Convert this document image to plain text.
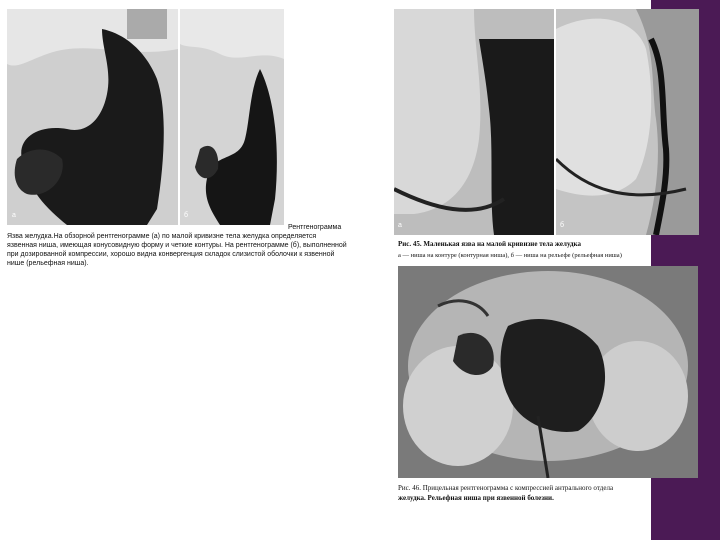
а	б
Рентгенограмма
Язва желудка.На обзорной рентгенограмме (а) по малой кривизне тела желудка определяется
язвенная ниша, имеющая конусовидную форму и четкие контуры. На рентгенограмме (б), выполненной
при дозированной компрессии, хорошо видна конвергенция складок слизистой оболочки к язвенной
нише (рельефная ниша).
а	б
Рис. 45. Маленькая язва на малой кривизне тела желудка
а — ниша на контуре (контурная ниша), б — ниша на рельефе (рельефная ниша)
Рис. 46. Прицельная рентгенограмма с компрессией антрального отдела
желудка. Рельефная ниша при язвенной болезни.
